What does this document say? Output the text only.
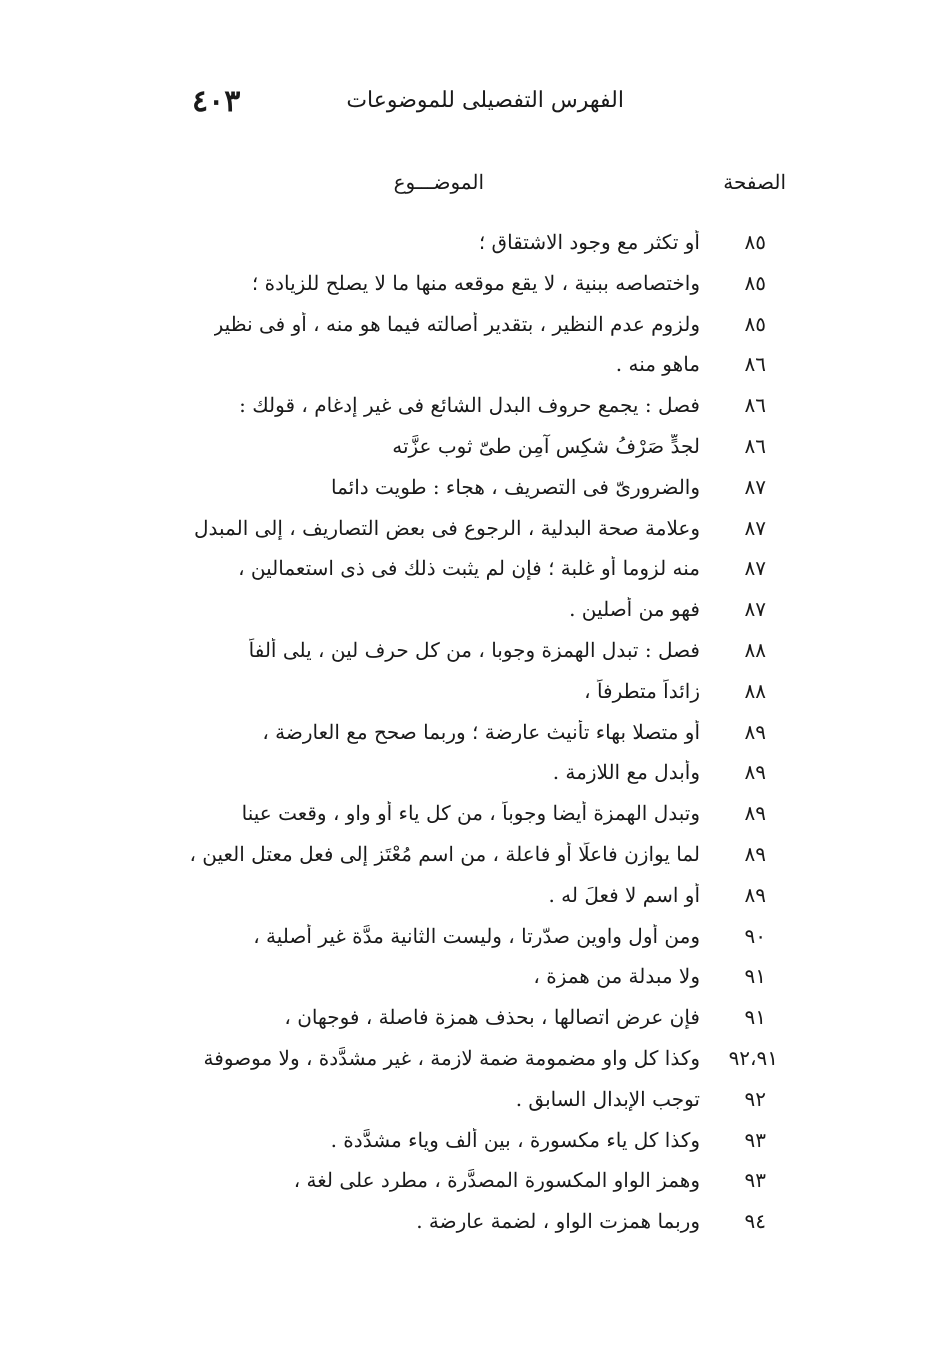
٤٠٣	الفهرس التفصيلى للموضوعات
الصفحة
الموضـــوع
٨٥
أو تكثر مع وجود الاشتقاق ؛
٨٥
واختصاصه ببنية ، لا يقع موقعه منها ما لا يصلح للزيادة ؛
٨٥
ولزوم عدم النظير ، بتقدير أصالته فيما هو منه ، أو فى نظير
٨٦
ماهو منه .
٨٦
فصل : يجمع حروف البدل الشائع فى غير إدغام ، قولك :
٨٦
لجدٍّ صَرْفُ شكِس آمِن طىّ ثوب عزَّته
٨٧
والضرورىّ فى التصريف ، هجاء : طويت دائما
٨٧
وعلامة صحة البدلية ، الرجوع فى بعض التصاريف ، إلى المبدل
٨٧
منه لزوما أو غلبة ؛ فإن لم يثبت ذلك فى ذى استعمالين ،
٨٧
فهو من أصلين .
٨٨
فصل : تبدل الهمزة وجوبا ، من كل حرف لين ، يلى ألفاً
٨٨
زائداً متطرفاً ،
٨٩
أو متصلا بهاء تأنيث عارضة ؛ وربما صحح مع العارضة ،
٨٩
وأبدل مع اللازمة .
٨٩
وتبدل الهمزة أيضا وجوباً ، من كل ياء أو واو ، وقعت عينا
٨٩
لما يوازن فاعلًا أو فاعلة ، من اسم مُعْتَزٍ إلى فعل معتل العين ،
٨٩
أو اسم لا فعلَ له .
٩٠
ومن أول واوين صدّرتا ، وليست الثانية مدَّة غير أصلية ،
٩١
ولا مبدلة من همزة ،
٩١
فإن عرض اتصالها ، بحذف همزة فاصلة ، فوجهان ،
٩٢،٩١
وكذا كل واو مضمومة ضمة لازمة ، غير مشدَّدة ، ولا موصوفة
٩٢
توجب الإبدال السابق .
٩٣
وكذا كل ياء مكسورة ، بين ألف وياء مشدَّدة .
٩٣
وهمز الواو المكسورة المصدَّرة ، مطرد على لغة ،
٩٤
وربما همزت الواو ، لضمة عارضة .
